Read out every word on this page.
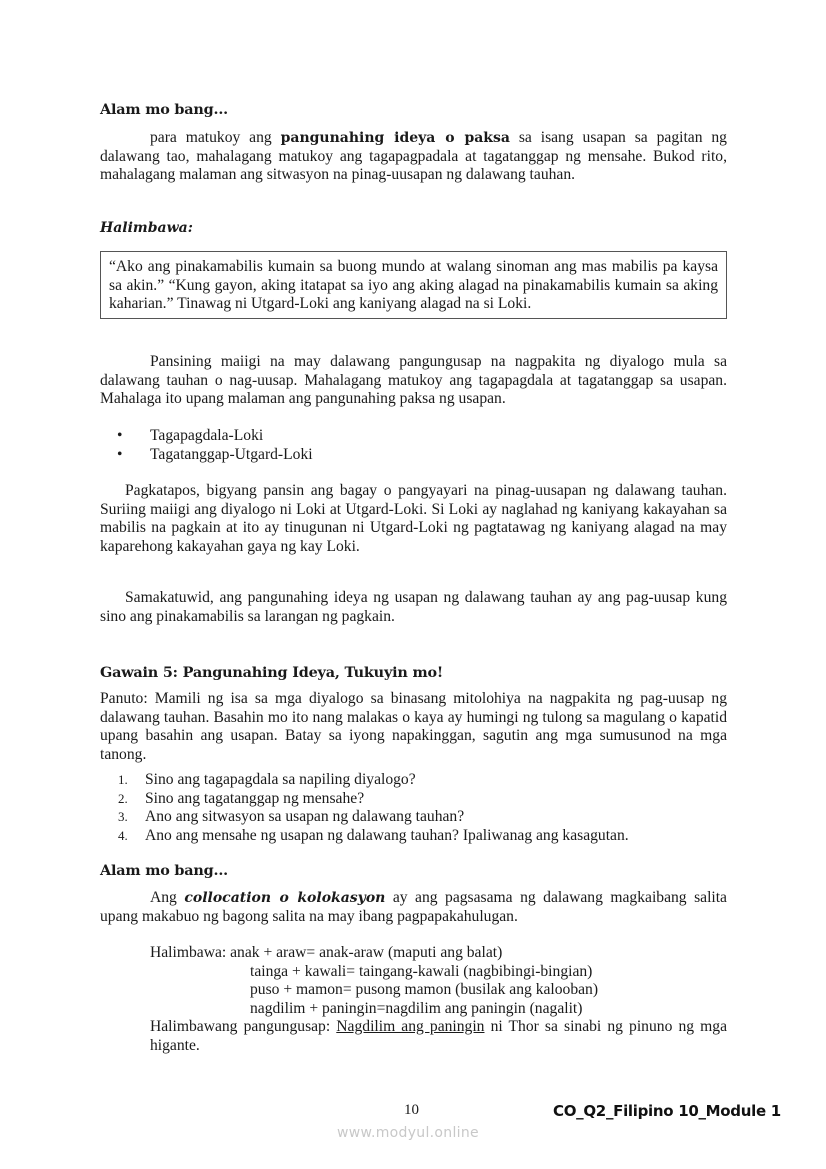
Alam mo bang...

para matukoy ang pangunahing ideya o paksa sa isang usapan sa pagitan ng dalawang tao, mahalagang matukoy ang tagapagpadala at tagatanggap ng mensahe. Bukod rito, mahalagang malaman ang sitwasyon na pinag-uusapan ng dalawang tauhan.

Halimbawa:
“Ako ang pinakamabilis kumain sa buong mundo at walang sinoman ang mas mabilis pa kaysa sa akin.” “Kung gayon, aking itatapat sa iyo ang aking alagad na pinakamabilis kumain sa aking kaharian.” Tinawag ni Utgard-Loki ang kaniyang alagad na si Loki.

Pansining maiigi na may dalawang pangungusap na nagpakita ng diyalogo mula sa dalawang tauhan o nag-uusap. Mahalagang matukoy ang tagapagdala at tagatanggap sa usapan. Mahalaga ito upang malaman ang pangunahing paksa ng usapan.

• Tagapagdala-Loki
• Tagatanggap-Utgard-Loki

Pagkatapos, bigyang pansin ang bagay o pangyayari na pinag-uusapan ng dalawang tauhan. Suriing maiigi ang diyalogo ni Loki at Utgard-Loki. Si Loki ay naglahad ng kaniyang kakayahan sa mabilis na pagkain at ito ay tinugunan ni Utgard-Loki ng pagtatawag ng kaniyang alagad na may kaparehong kakayahan gaya ng kay Loki.

Samakatuwid, ang pangunahing ideya ng usapan ng dalawang tauhan ay ang pag-uusap kung sino ang pinakamabilis sa larangan ng pagkain.

Gawain 5: Pangunahing Ideya, Tukuyin mo!

Panuto: Mamili ng isa sa mga diyalogo sa binasang mitolohiya na nagpakita ng pag-uusap ng dalawang tauhan. Basahin mo ito nang malakas o kaya ay humingi ng tulong sa magulang o kapatid upang basahin ang usapan. Batay sa iyong napakinggan, sagutin ang mga sumusunod na mga tanong.

1. Sino ang tagapagdala sa napiling diyalogo?
2. Sino ang tagatanggap ng mensahe?
3. Ano ang sitwasyon sa usapan ng dalawang tauhan?
4. Ano ang mensahe ng usapan ng dalawang tauhan? Ipaliwanag ang kasagutan.
Alam mo bang...

Ang collocation o kolokasyon ay ang pagsasama ng dalawang magkaibang salita upang makabuo ng bagong salita na may ibang pagpapakahulugan.

Halimbawa: anak + araw= anak-araw (maputi ang balat)
tainga + kawali= taingang-kawali (nagbibingi-bingian)
puso + mamon= pusong mamon (busilak ang kalooban)
nagdilim + paningin=nagdilim ang paningin (nagalit)
Halimbawang pangungusap: Nagdilim ang paningin ni Thor sa sinabi ng pinuno ng mga higante.
10	CO_Q2_Filipino 10_Module 1
www.modyul.online
